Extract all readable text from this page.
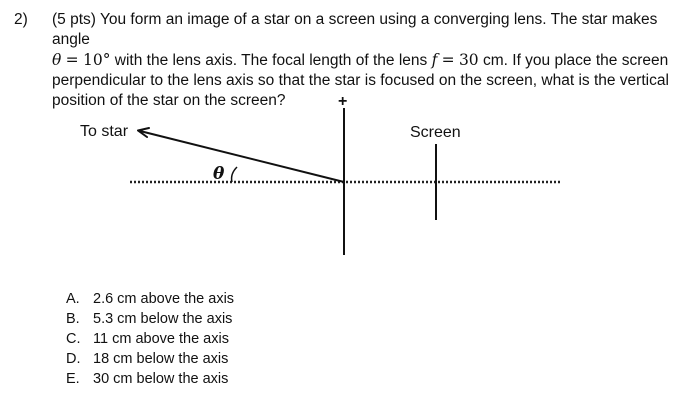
2)	(5 pts) You form an image of a star on a screen using a converging lens. The star makes angle
θ = 10° with the lens axis. The focal length of the lens f = 30 cm. If you place the screen perpendicular to the lens axis so that the star is focused on the screen, what is the vertical position of the star on the screen?
To star
θ
+
Screen
A. 2.6 cm above the axis
B. 5.3 cm below the axis
C. 11 cm above the axis
D. 18 cm below the axis
E. 30 cm below the axis
